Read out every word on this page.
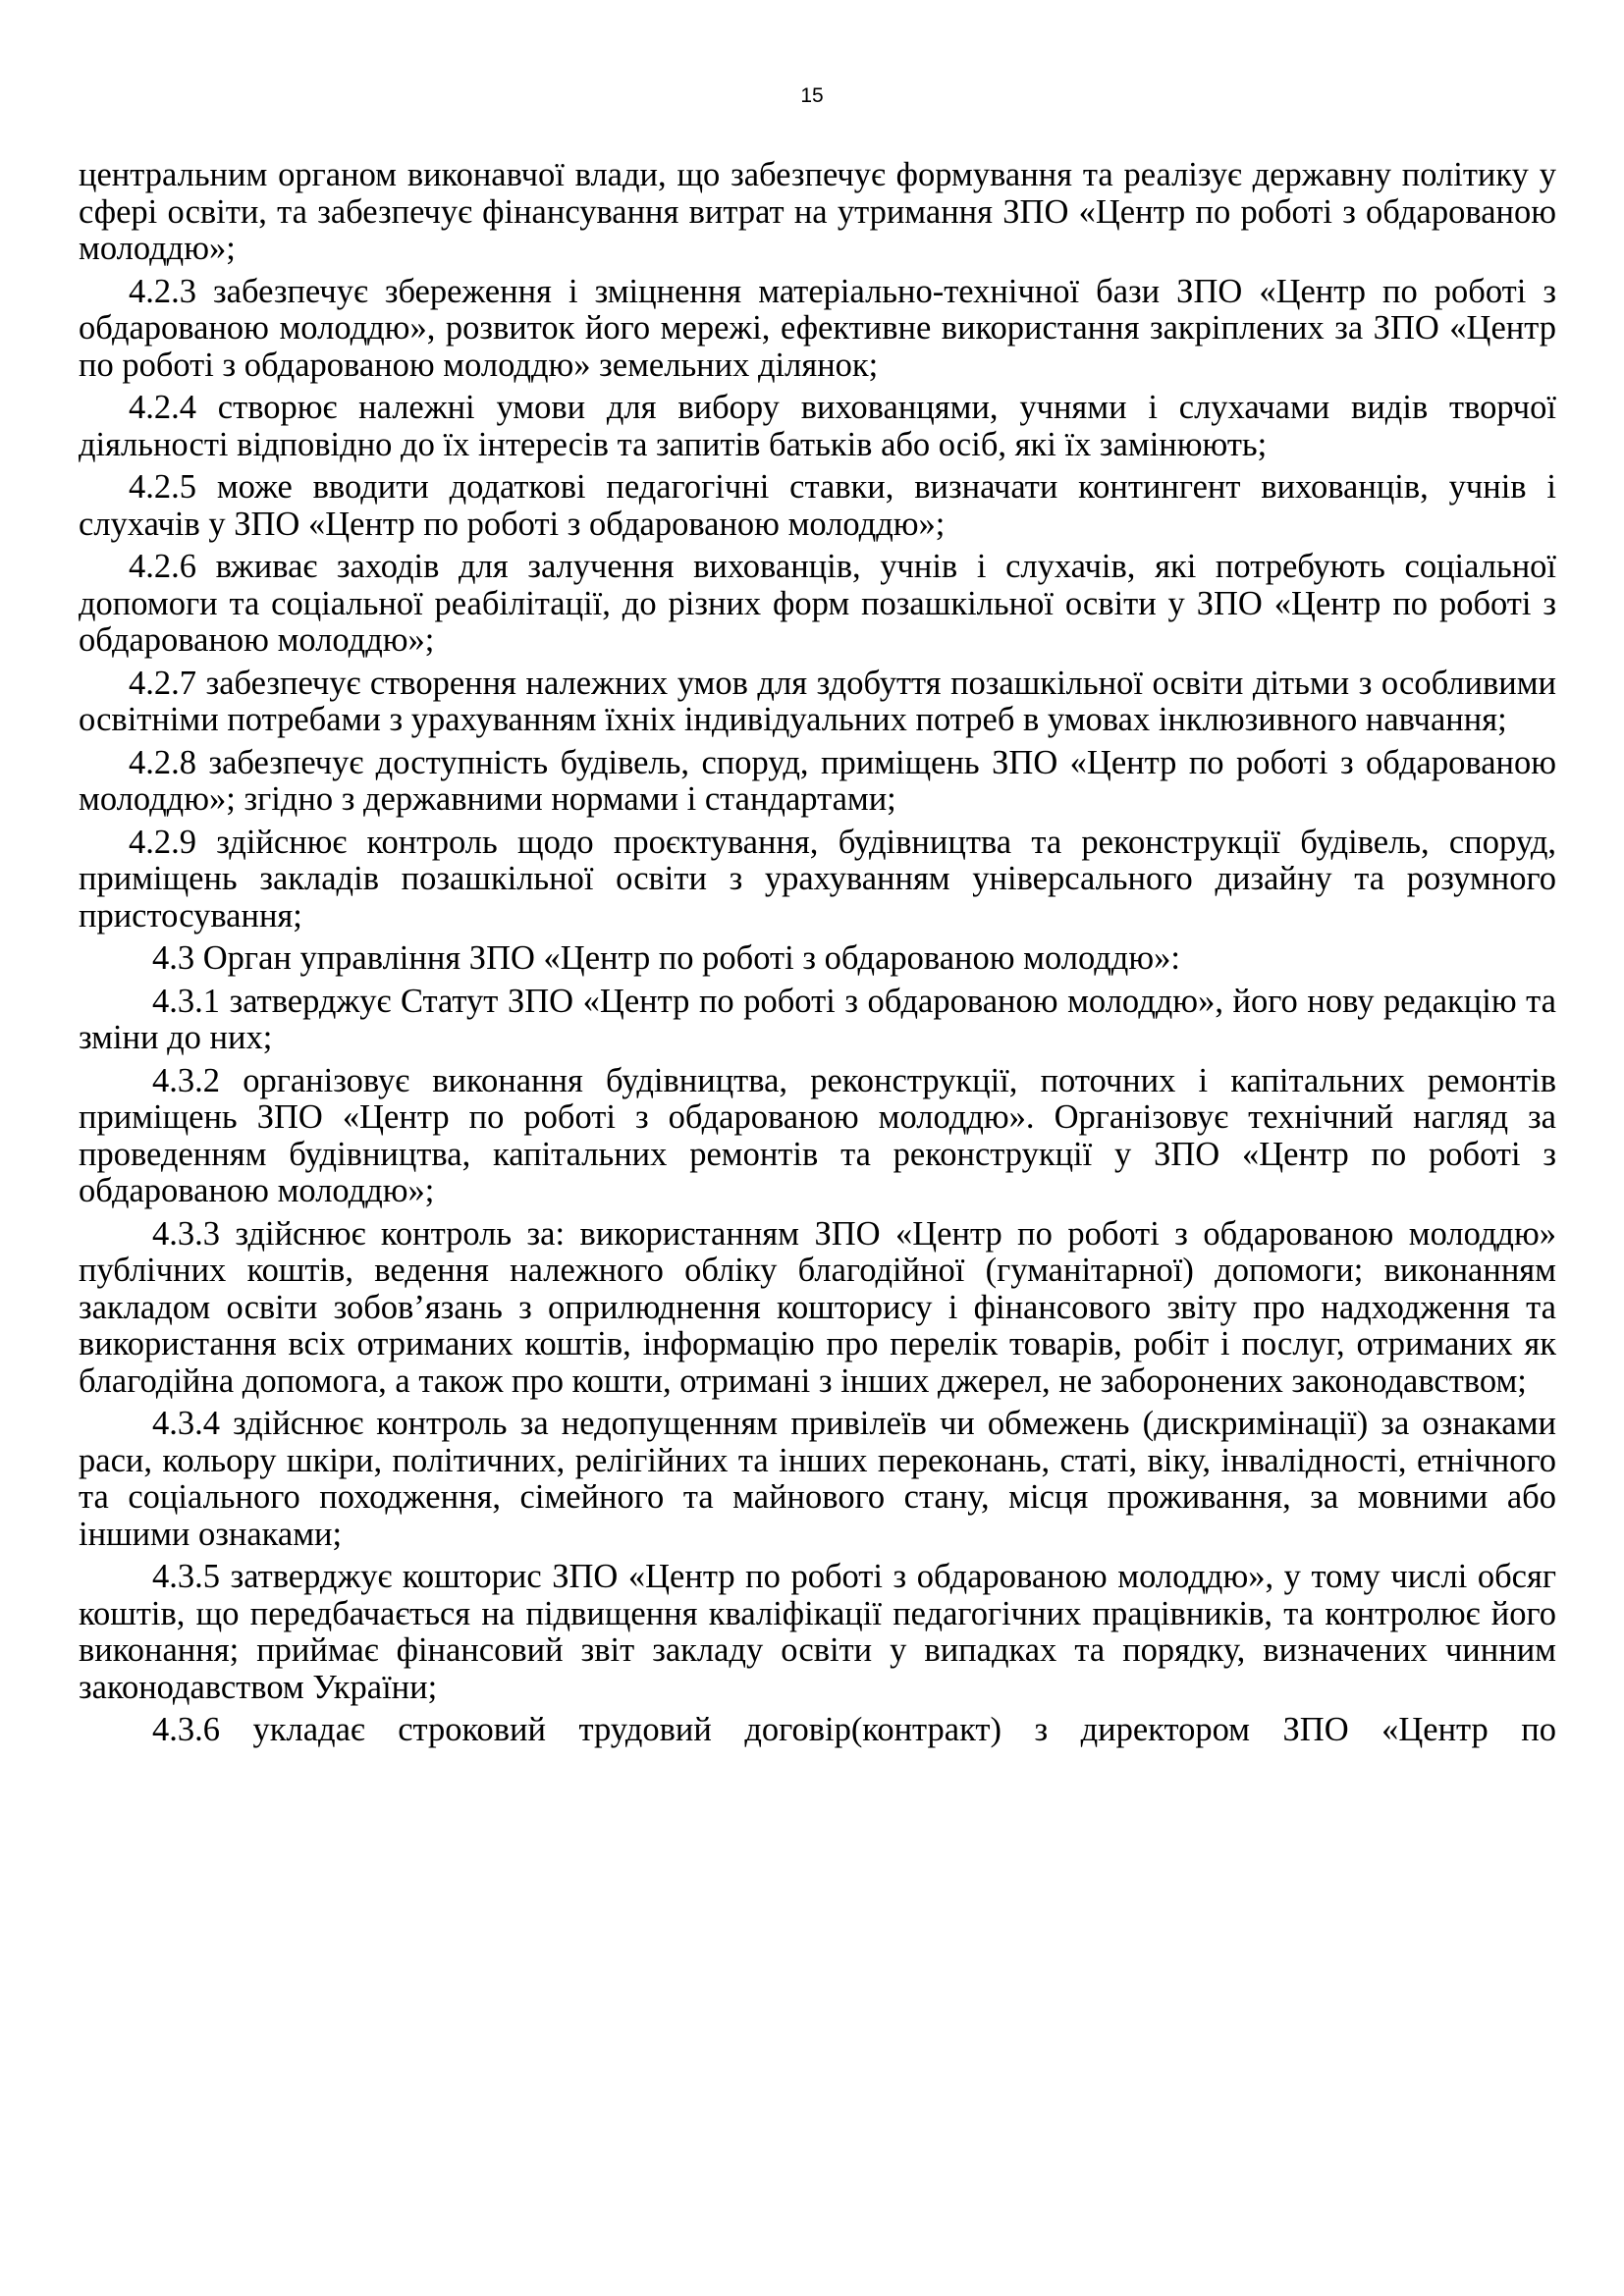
15

центральним органом виконавчої влади, що забезпечує формування та реалізує державну політику у сфері освіти, та забезпечує фінансування витрат на утримання ЗПО «Центр по роботі з обдарованою молоддю»;

4.2.3 забезпечує збереження і зміцнення матеріально-технічної бази ЗПО «Центр по роботі з обдарованою молоддю», розвиток його мережі, ефективне використання закріплених за ЗПО «Центр по роботі з обдарованою молоддю» земельних ділянок;

4.2.4 створює належні умови для вибору вихованцями, учнями і слухачами видів творчої діяльності відповідно до їх інтересів та запитів батьків або осіб, які їх замінюють;

4.2.5 може вводити додаткові педагогічні ставки, визначати контингент вихованців, учнів і слухачів у ЗПО «Центр по роботі з обдарованою молоддю»;

4.2.6 вживає заходів для залучення вихованців, учнів і слухачів, які потребують соціальної допомоги та соціальної реабілітації, до різних форм позашкільної освіти у ЗПО «Центр по роботі з обдарованою молоддю»;

4.2.7 забезпечує створення належних умов для здобуття позашкільної освіти дітьми з особливими освітніми потребами з урахуванням їхніх індивідуальних потреб в умовах інклюзивного навчання;

4.2.8 забезпечує доступність будівель, споруд, приміщень ЗПО «Центр по роботі з обдарованою молоддю»; згідно з державними нормами і стандартами;

4.2.9 здійснює контроль щодо проєктування, будівництва та реконструкції будівель, споруд, приміщень закладів позашкільної освіти з урахуванням універсального дизайну та розумного пристосування;

4.3 Орган управління ЗПО «Центр по роботі з обдарованою молоддю»:

4.3.1 затверджує Статут ЗПО «Центр по роботі з обдарованою молоддю», його нову редакцію та зміни до них;

4.3.2 організовує виконання будівництва, реконструкції, поточних і капітальних ремонтів приміщень ЗПО «Центр по роботі з обдарованою молоддю». Організовує технічний нагляд за проведенням будівництва, капітальних ремонтів та реконструкції у ЗПО «Центр по роботі з обдарованою молоддю»;

4.3.3 здійснює контроль за: використанням ЗПО «Центр по роботі з обдарованою молоддю» публічних коштів, ведення належного обліку благодійної (гуманітарної) допомоги; виконанням закладом освіти зобов’язань з оприлюднення кошторису і фінансового звіту про надходження та використання всіх отриманих коштів, інформацію про перелік товарів, робіт і послуг, отриманих як благодійна допомога, а також про кошти, отримані з інших джерел, не заборонених законодавством;

4.3.4 здійснює контроль за недопущенням привілеїв чи обмежень (дискримінації) за ознаками раси, кольору шкіри, політичних, релігійних та інших переконань, статі, віку, інвалідності, етнічного та соціального походження, сімейного та майнового стану, місця проживання, за мовними або іншими ознаками;

4.3.5 затверджує кошторис ЗПО «Центр по роботі з обдарованою молоддю», у тому числі обсяг коштів, що передбачається на підвищення кваліфікації педагогічних працівників, та контролює його виконання; приймає фінансовий звіт закладу освіти у випадках та порядку, визначених чинним законодавством України;

4.3.6 укладає строковий трудовий договір(контракт) з директором ЗПО «Центр по
